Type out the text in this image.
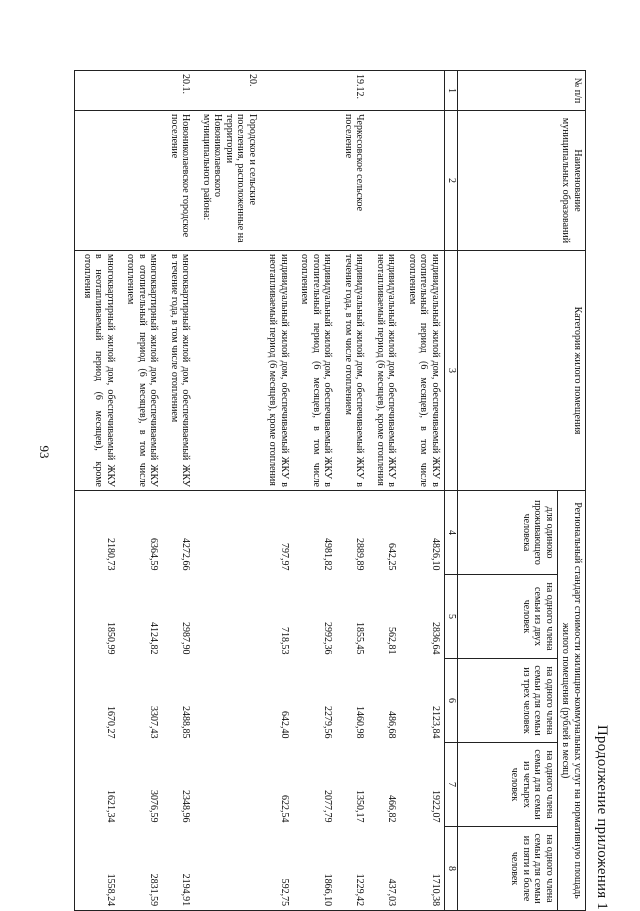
93
Продолжение приложения 1
№ п/п	Наименование муниципальных образований	Категория жилого помещения	Региональный стандарт стоимости жилищно-коммунальных услуг на нормативную площадь жилого помещения (рублей в месяц)				
			для одиноко проживающего человека	на одного члена семьи из двух человек	на одного члена семьи для семьи из трех человек	на одного члена семьи для семьи из четырех человек	на одного члена семьи для семьи из пяти и более человек
1	2	3	4	5	6	7	8
		индивидуальный жилой дом, обеспечиваемый ЖКУ в отопительный период (6 месяцев), в том числе отоплением	4826,10	2836,64	2123,84	1922,07	1710,38
		индивидуальный жилой дом, обеспечиваемый ЖКУ в неотапливаемый период (6 месяцев), кроме отопления	642,25	562,81	486,68	466,82	437,03
19.12.	Черкесовское сельское поселение	индивидуальный жилой дом, обеспечиваемый ЖКУ в течение года, в том числе отоплением	2889,89	1855,45	1460,98	1350,17	1229,42
		индивидуальный жилой дом, обеспечиваемый ЖКУ в отопительный период (6 месяцев), в том числе отоплением	4981,82	2992,36	2279,56	2077,79	1866,10
		индивидуальный жилой дом, обеспечиваемый ЖКУ в неотапливаемый период (6 месяцев), кроме отопления	797,97	718,53	642,40	622,54	592,75
20.	Городское и сельские поселения, расположенные на территории Новониколаевского муниципального района:						
20.1.	Новониколаевское городское поселение	многоквартирный жилой дом, обеспечиваемый ЖКУ в течение года, в том числе отоплением	4272,66	2987,90	2488,85	2348,96	2194,91
		многоквартирный жилой дом, обеспечиваемый ЖКУ в отопительный период (6 месяцев), в том числе отоплением	6364,59	4124,82	3307,43	3076,59	2831,59
		многоквартирный жилой дом, обеспечиваемый ЖКУ в неотапливаемый период (6 месяцев), кроме отопления	2180,73	1850,99	1670,27	1621,34	1558,24
